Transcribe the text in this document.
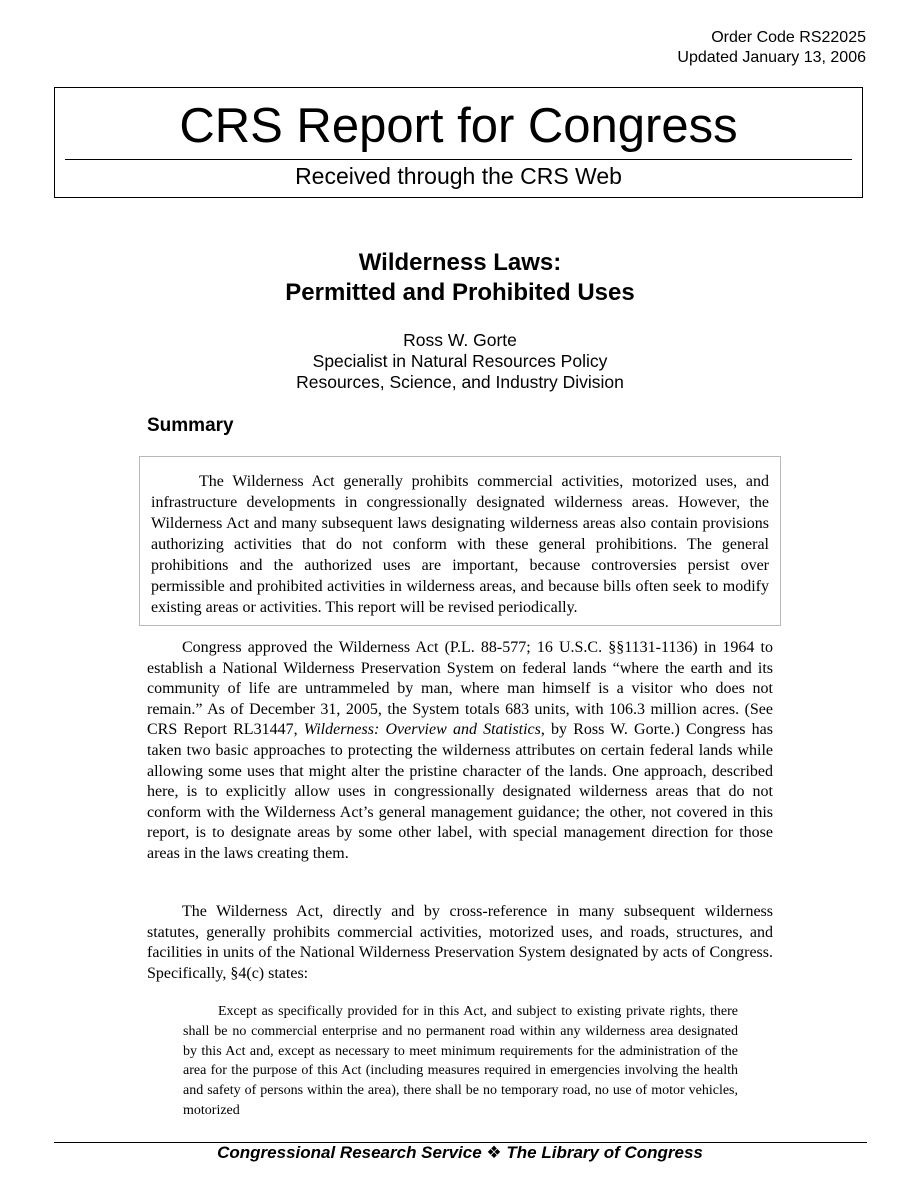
Order Code RS22025
Updated January 13, 2006
CRS Report for Congress
Received through the CRS Web
Wilderness Laws:
Permitted and Prohibited Uses
Ross W. Gorte
Specialist in Natural Resources Policy
Resources, Science, and Industry Division
Summary

The Wilderness Act generally prohibits commercial activities, motorized uses, and infrastructure developments in congressionally designated wilderness areas. However, the Wilderness Act and many subsequent laws designating wilderness areas also contain provisions authorizing activities that do not conform with these general prohibitions. The general prohibitions and the authorized uses are important, because controversies persist over permissible and prohibited activities in wilderness areas, and because bills often seek to modify existing areas or activities. This report will be revised periodically.

Congress approved the Wilderness Act (P.L. 88-577; 16 U.S.C. §§1131-1136) in 1964 to establish a National Wilderness Preservation System on federal lands “where the earth and its community of life are untrammeled by man, where man himself is a visitor who does not remain.” As of December 31, 2005, the System totals 683 units, with 106.3 million acres. (See CRS Report RL31447, Wilderness: Overview and Statistics, by Ross W. Gorte.) Congress has taken two basic approaches to protecting the wilderness attributes on certain federal lands while allowing some uses that might alter the pristine character of the lands. One approach, described here, is to explicitly allow uses in congressionally designated wilderness areas that do not conform with the Wilderness Act’s general management guidance; the other, not covered in this report, is to designate areas by some other label, with special management direction for those areas in the laws creating them.

The Wilderness Act, directly and by cross-reference in many subsequent wilderness statutes, generally prohibits commercial activities, motorized uses, and roads, structures, and facilities in units of the National Wilderness Preservation System designated by acts of Congress. Specifically, §4(c) states:

Except as specifically provided for in this Act, and subject to existing private rights, there shall be no commercial enterprise and no permanent road within any wilderness area designated by this Act and, except as necessary to meet minimum requirements for the administration of the area for the purpose of this Act (including measures required in emergencies involving the health and safety of persons within the area), there shall be no temporary road, no use of motor vehicles, motorized

Congressional Research Service ❖ The Library of Congress
